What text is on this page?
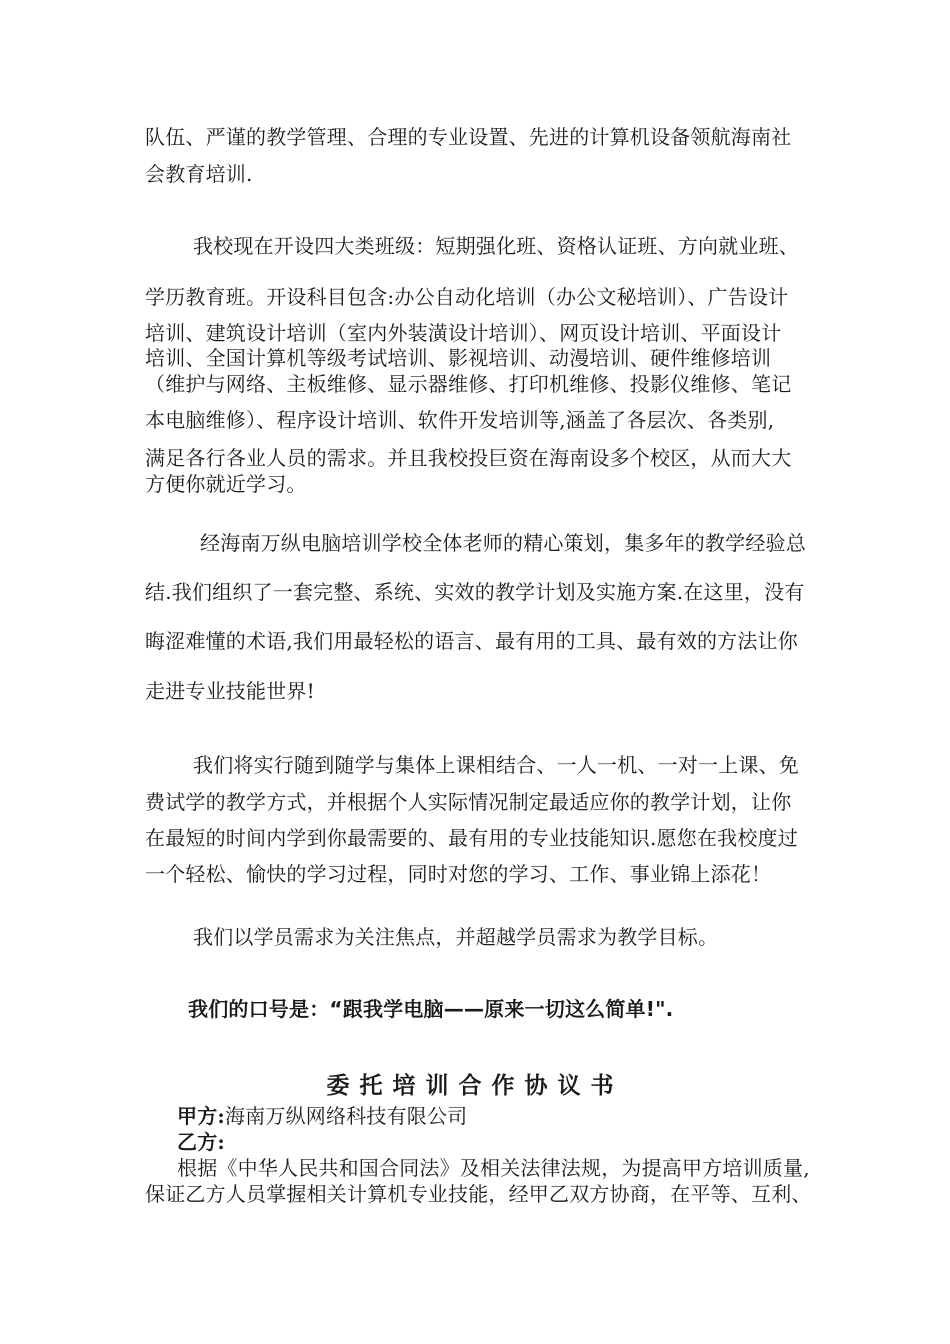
队伍、严谨的教学管理、合理的专业设置、先进的计算机设备领航海南社
会教育培训.
我校现在开设四大类班级：短期强化班、资格认证班、方向就业班、
学历教育班。开设科目包含:办公自动化培训（办公文秘培训）、广告设计
培训、建筑设计培训（室内外装潢设计培训）、网页设计培训、平面设计
培训、全国计算机等级考试培训、影视培训、动漫培训、硬件维修培训
（维护与网络、主板维修、显示器维修、打印机维修、投影仪维修、笔记
本电脑维修）、程序设计培训、软件开发培训等,涵盖了各层次、各类别,
满足各行各业人员的需求。并且我校投巨资在海南设多个校区，从而大大
方便你就近学习。
经海南万纵电脑培训学校全体老师的精心策划，集多年的教学经验总
结.我们组织了一套完整、系统、实效的教学计划及实施方案.在这里，没有
晦涩难懂的术语,我们用最轻松的语言、最有用的工具、最有效的方法让你
走进专业技能世界!
我们将实行随到随学与集体上课相结合、一人一机、一对一上课、免
费试学的教学方式，并根据个人实际情况制定最适应你的教学计划，让你
在最短的时间内学到你最需要的、最有用的专业技能知识.愿您在我校度过
一个轻松、愉快的学习过程，同时对您的学习、工作、事业锦上添花！
我们以学员需求为关注焦点，并超越学员需求为教学目标。
我们的口号是：“跟我学电脑——原来一切这么简单!".
委托培训合作协议书
甲方:海南万纵网络科技有限公司
乙方:
根据《中华人民共和国合同法》及相关法律法规，为提高甲方培训质量,
保证乙方人员掌握相关计算机专业技能，经甲乙双方协商，在平等、互利、
